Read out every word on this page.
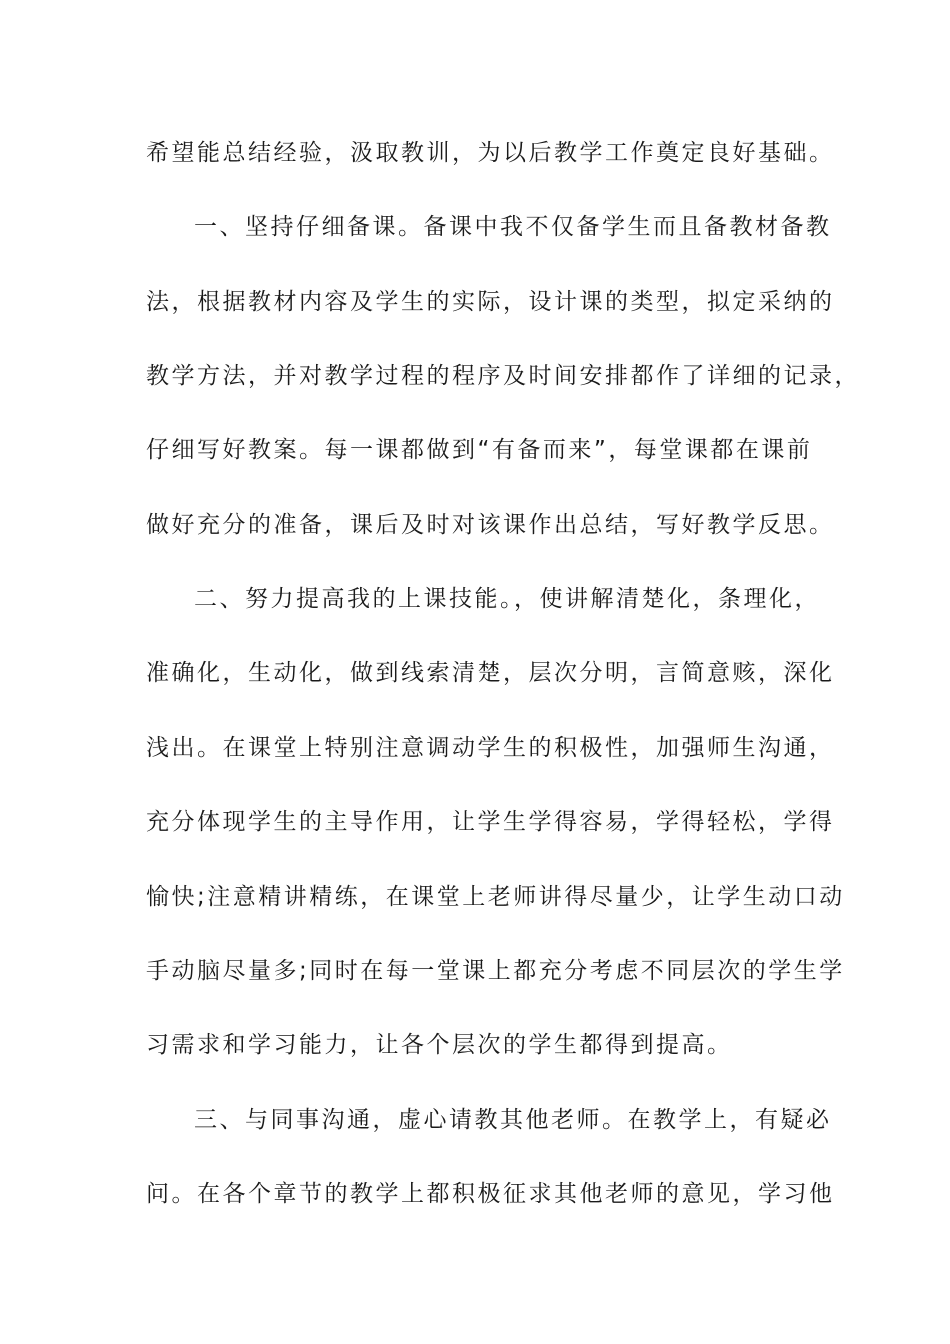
希望能总结经验，汲取教训，为以后教学工作奠定良好基础。
一、坚持仔细备课。备课中我不仅备学生而且备教材备教
法，根据教材内容及学生的实际，设计课的类型，拟定采纳的
教学方法，并对教学过程的程序及时间安排都作了详细的记录，
仔细写好教案。每一课都做到“有备而来”，每堂课都在课前
做好充分的准备，课后及时对该课作出总结，写好教学反思。
二、努力提高我的上课技能。，使讲解清楚化，条理化，
准确化，生动化，做到线索清楚，层次分明，言简意赅，深化
浅出。在课堂上特别注意调动学生的积极性，加强师生沟通，
充分体现学生的主导作用，让学生学得容易，学得轻松，学得
愉快;注意精讲精练，在课堂上老师讲得尽量少，让学生动口动
手动脑尽量多;同时在每一堂课上都充分考虑不同层次的学生学
习需求和学习能力，让各个层次的学生都得到提高。
三、与同事沟通，虚心请教其他老师。在教学上，有疑必
问。在各个章节的教学上都积极征求其他老师的意见，学习他
